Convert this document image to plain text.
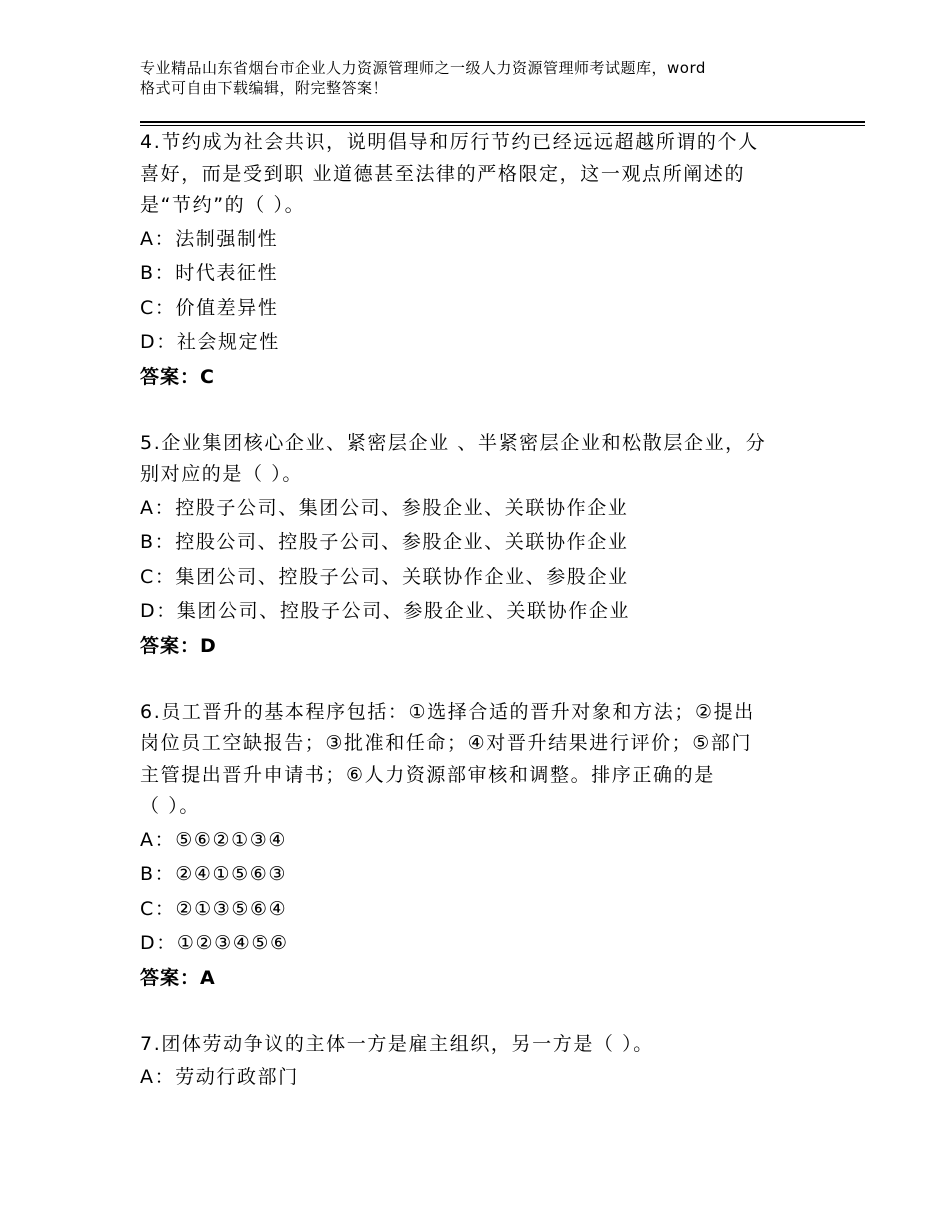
专业精品山东省烟台市企业人力资源管理师之一级人力资源管理师考试题库，word
格式可自由下载编辑，附完整答案！

4.节约成为社会共识，说明倡导和厉行节约已经远远超越所谓的个人

喜好，而是受到职 业道德甚至法律的严格限定，这一观点所阐述的

是“节约”的（ ）。

A：法制强制性

B：时代表征性

C：价值差异性

D：社会规定性

答案：C

5.企业集团核心企业、紧密层企业 、半紧密层企业和松散层企业，分

别对应的是（ ）。

A：控股子公司、集团公司、参股企业、关联协作企业

B：控股公司、控股子公司、参股企业、关联协作企业

C：集团公司、控股子公司、关联协作企业、参股企业

D：集团公司、控股子公司、参股企业、关联协作企业

答案：D

6.员工晋升的基本程序包括：①选择合适的晋升对象和方法；②提出

岗位员工空缺报告；③批准和任命；④对晋升结果进行评价；⑤部门

主管提出晋升申请书；⑥人力资源部审核和调整。排序正确的是

（ ）。

A：⑤⑥②①③④

B：②④①⑤⑥③

C：②①③⑤⑥④

D：①②③④⑤⑥

答案：A

7.团体劳动争议的主体一方是雇主组织，另一方是（ ）。

A：劳动行政部门
